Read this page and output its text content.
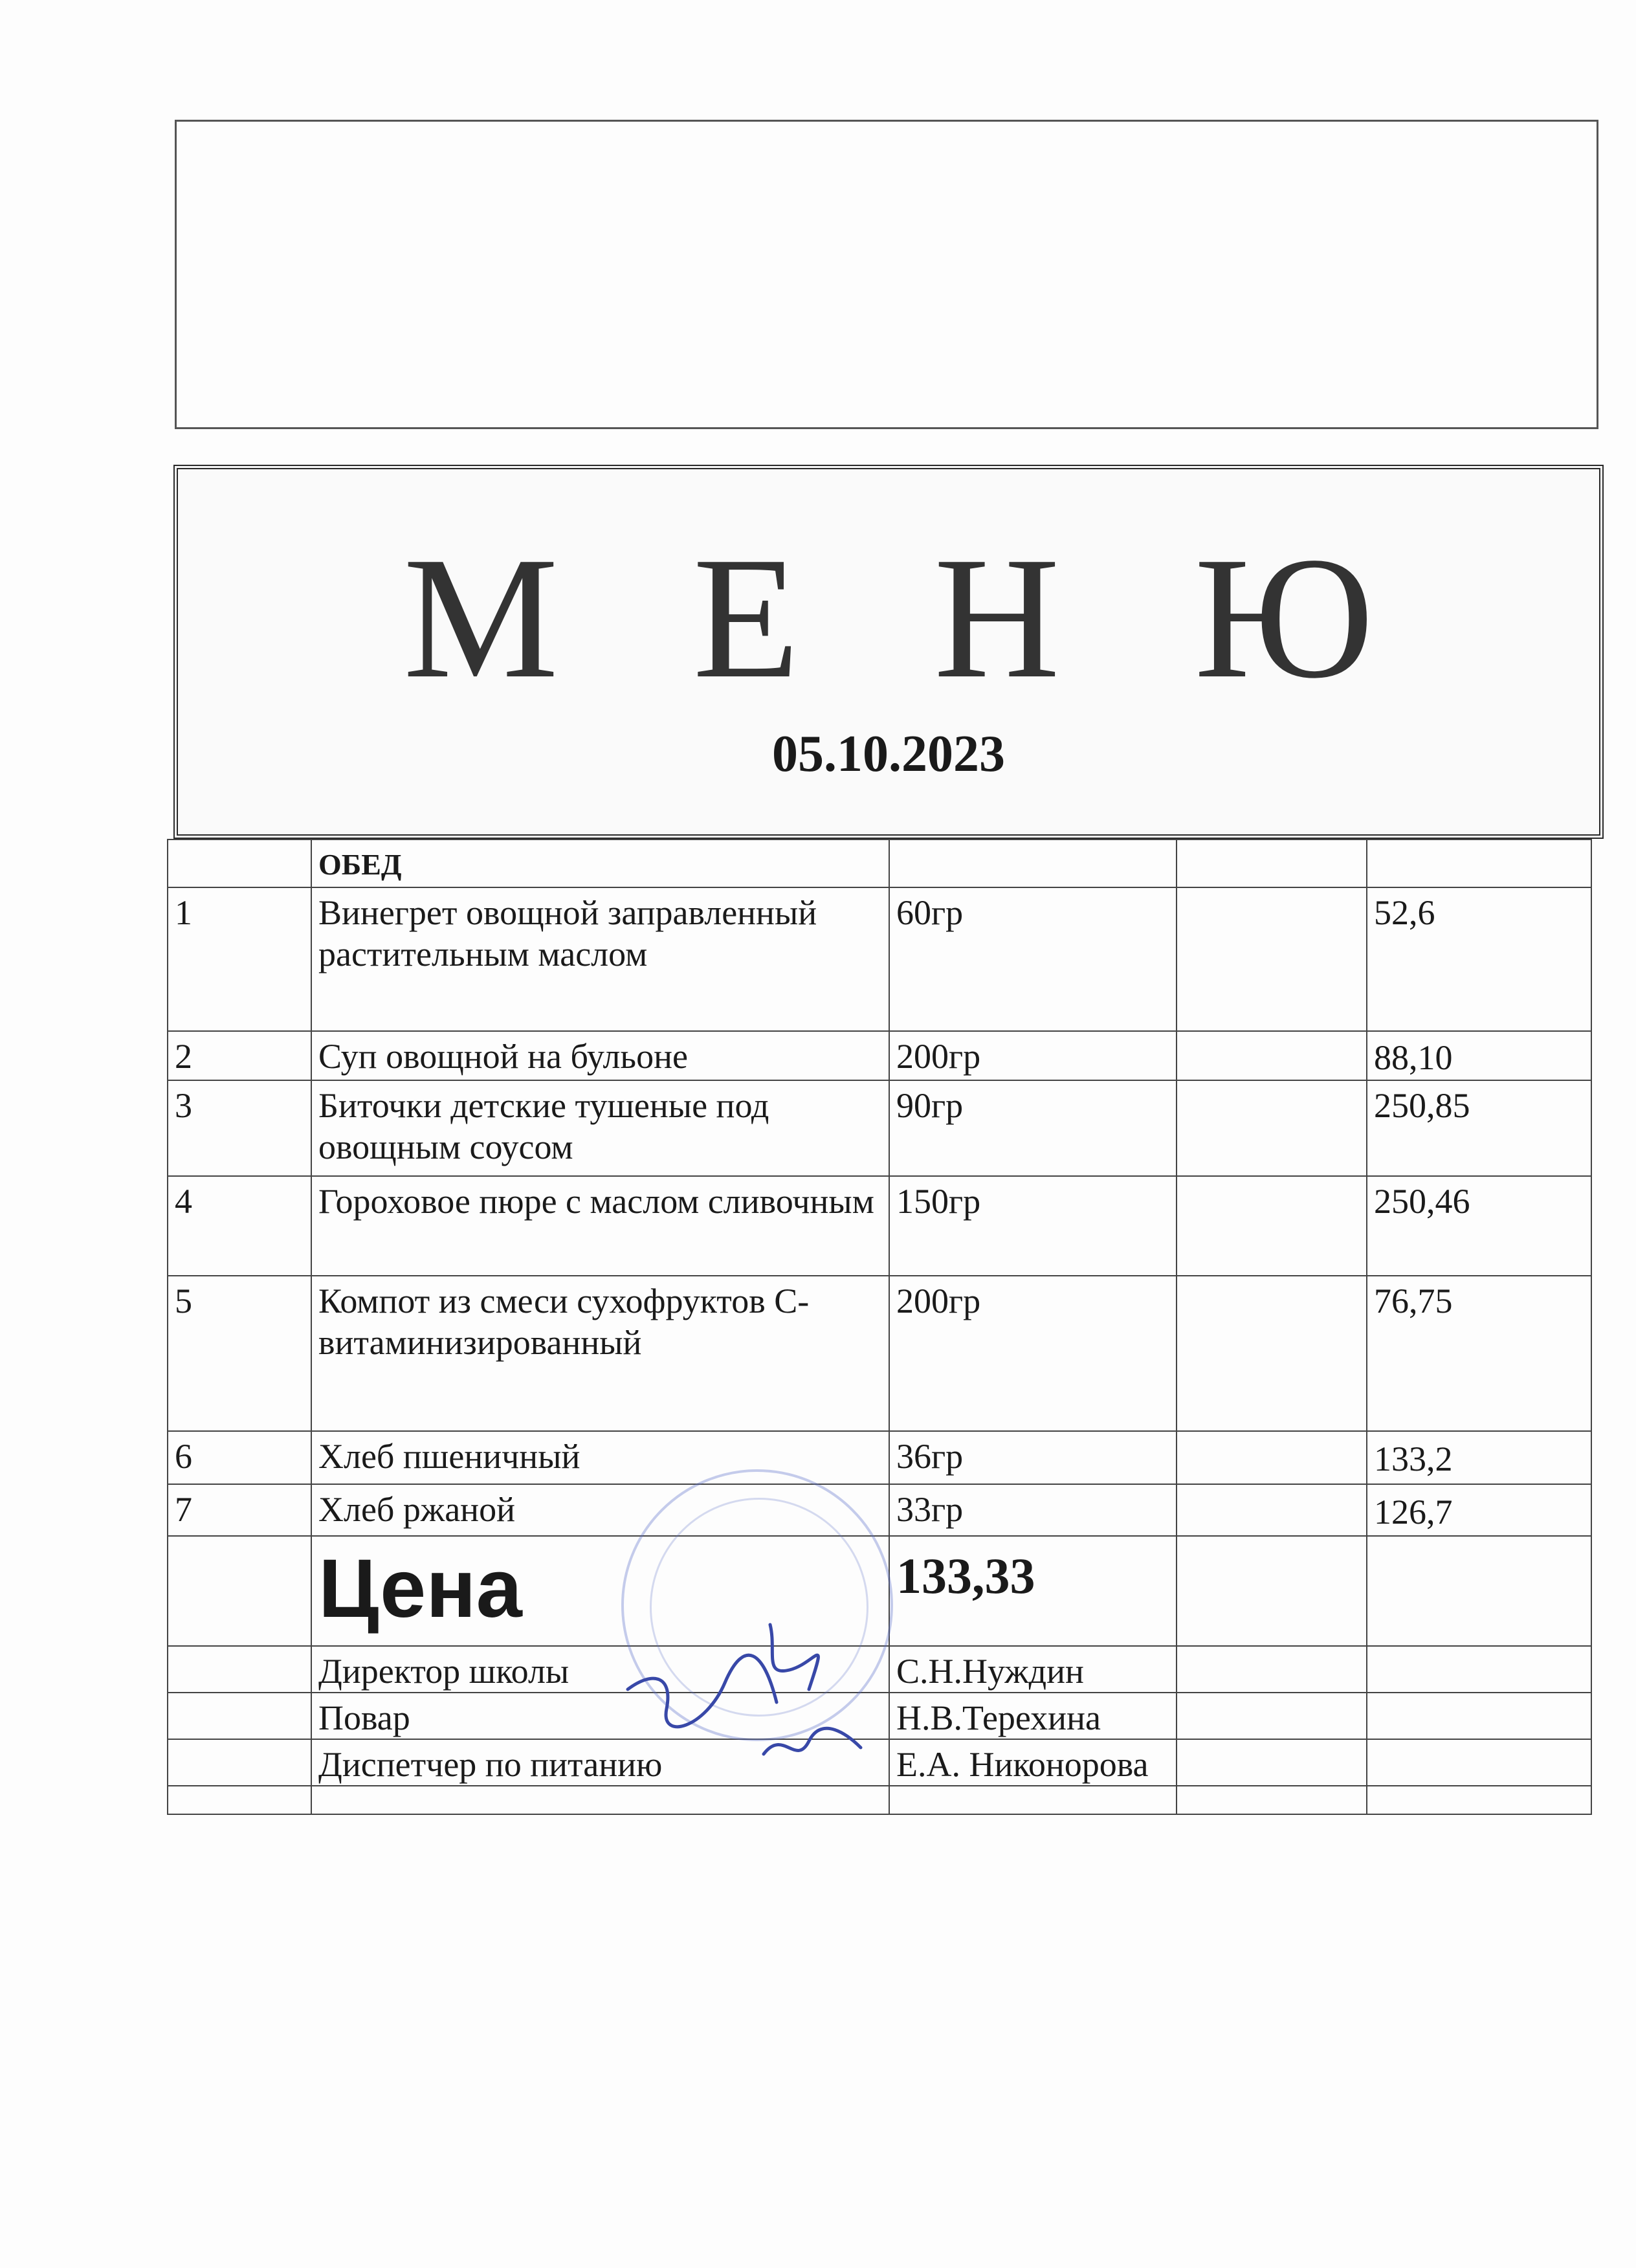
М Е Н Ю
05.10.2023
	ОБЕД			
1	Винегрет овощной заправленный растительным маслом	60гр		52,6
2	Суп овощной на бульоне	200гр		88,10
3	Биточки детские тушеные под овощным соусом	90гр		250,85
4	Гороховое пюре с маслом сливочным	150гр		250,46
5	Компот из смеси сухофруктов С-витаминизированный	200гр		76,75
6	Хлеб пшеничный	36гр		133,2
7	Хлеб ржаной	33гр		126,7
	Цена	133,33		
	Директор школы	С.Н.Нуждин		
	Повар	Н.В.Терехина		
	Диспетчер по питанию	Е.А. Никонорова		
